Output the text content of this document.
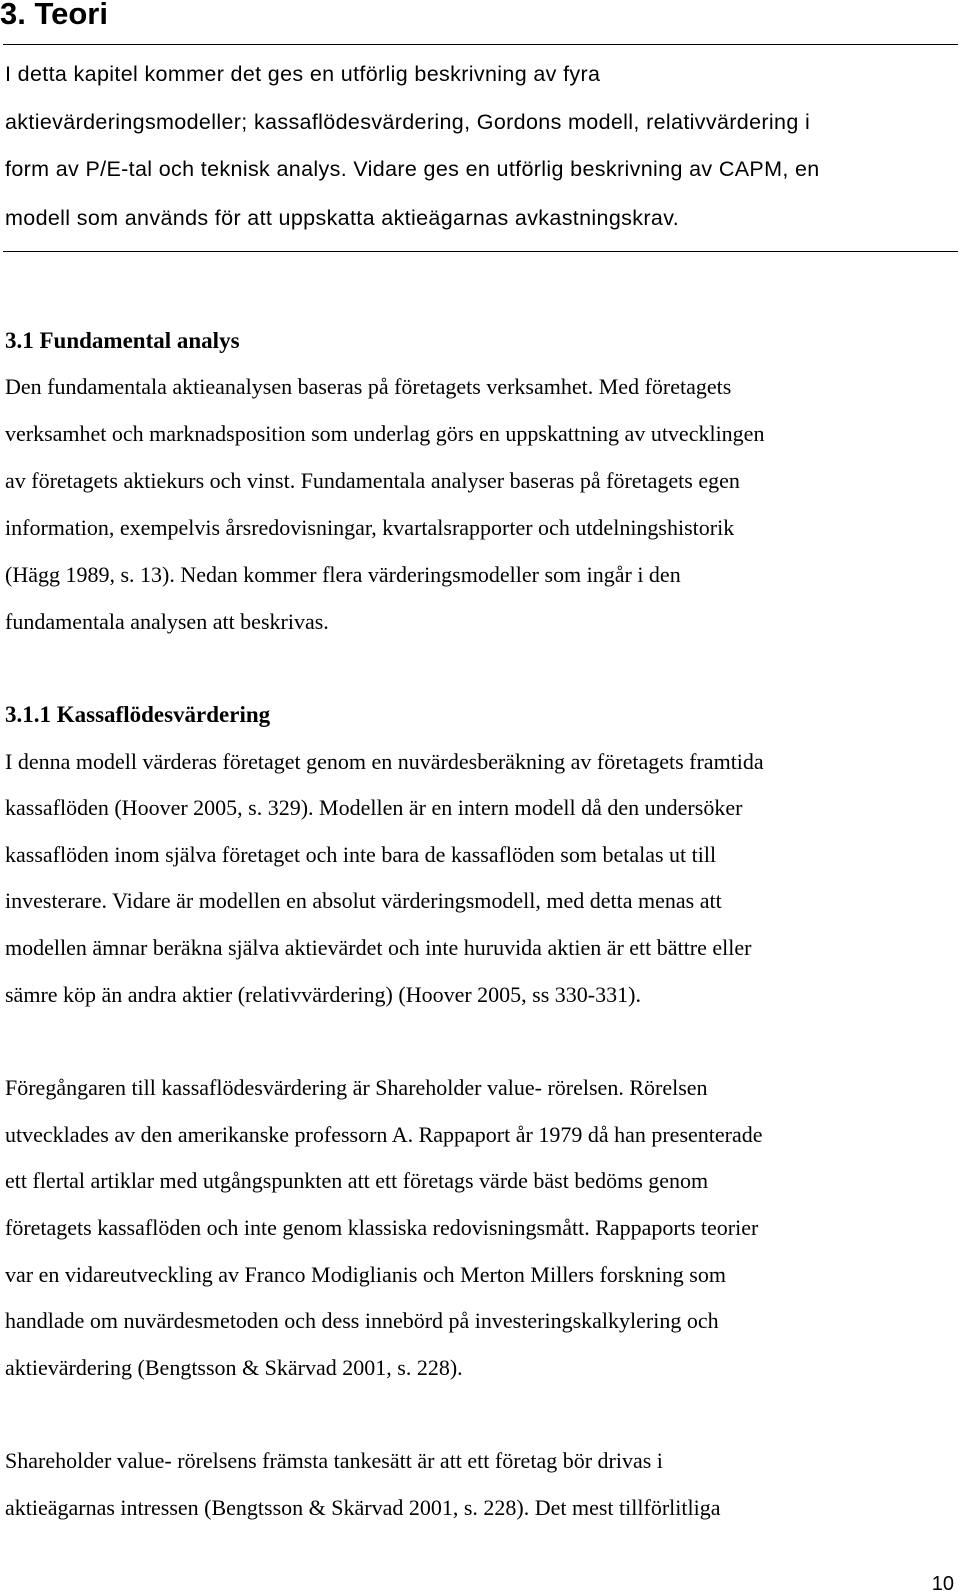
3. Teori

I detta kapitel kommer det ges en utförlig beskrivning av fyra

aktievärderingsmodeller; kassaflödesvärdering, Gordons modell, relativvärdering i

form av P/E-tal och teknisk analys. Vidare ges en utförlig beskrivning av CAPM, en

modell som används för att uppskatta aktieägarnas avkastningskrav.

3.1 Fundamental analys

Den fundamentala aktieanalysen baseras på företagets verksamhet. Med företagets

verksamhet och marknadsposition som underlag görs en uppskattning av utvecklingen

av företagets aktiekurs och vinst. Fundamentala analyser baseras på företagets egen

information, exempelvis årsredovisningar, kvartalsrapporter och utdelningshistorik

(Hägg 1989, s. 13). Nedan kommer flera värderingsmodeller som ingår i den

fundamentala analysen att beskrivas.

3.1.1 Kassaflödesvärdering

I denna modell värderas företaget genom en nuvärdesberäkning av företagets framtida

kassaflöden (Hoover 2005, s. 329). Modellen är en intern modell då den undersöker

kassaflöden inom själva företaget och inte bara de kassaflöden som betalas ut till

investerare. Vidare är modellen en absolut värderingsmodell, med detta menas att

modellen ämnar beräkna själva aktievärdet och inte huruvida aktien är ett bättre eller

sämre köp än andra aktier (relativvärdering) (Hoover 2005, ss 330-331).

Föregångaren till kassaflödesvärdering är Shareholder value- rörelsen. Rörelsen

utvecklades av den amerikanske professorn A. Rappaport år 1979 då han presenterade

ett flertal artiklar med utgångspunkten att ett företags värde bäst bedöms genom

företagets kassaflöden och inte genom klassiska redovisningsmått. Rappaports teorier

var en vidareutveckling av Franco Modiglianis och Merton Millers forskning som

handlade om nuvärdesmetoden och dess innebörd på investeringskalkylering och

aktievärdering (Bengtsson & Skärvad 2001, s. 228).

Shareholder value- rörelsens främsta tankesätt är att ett företag bör drivas i

aktieägarnas intressen (Bengtsson & Skärvad 2001, s. 228). Det mest tillförlitliga

10
